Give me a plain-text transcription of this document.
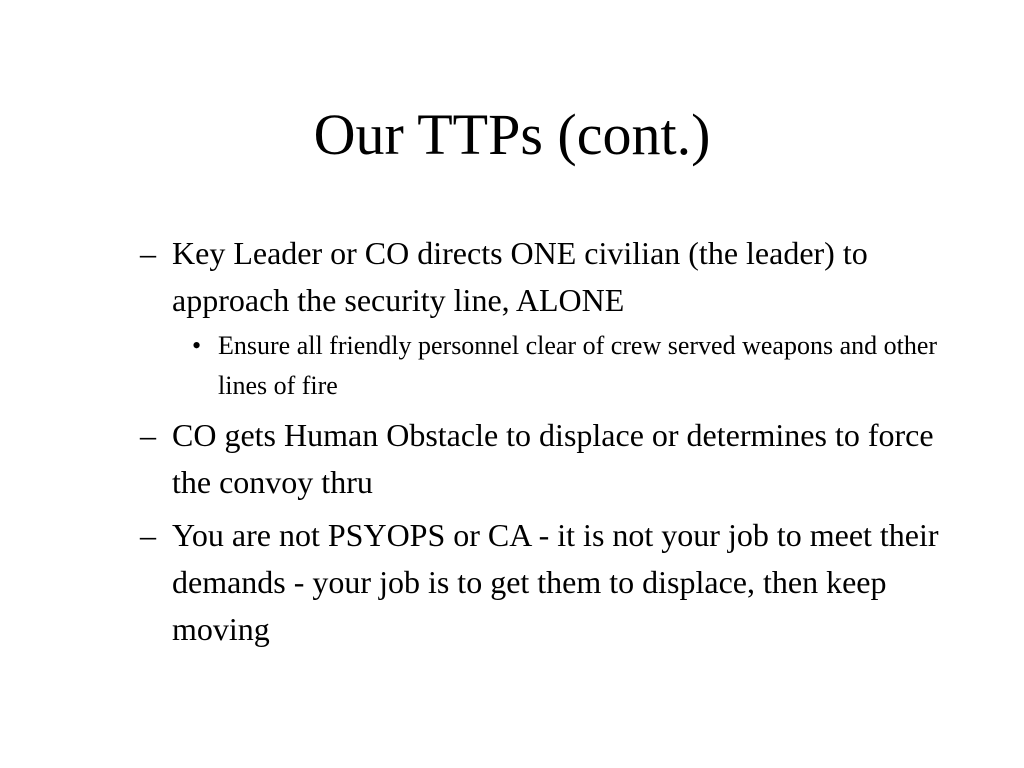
Our TTPs (cont.)
– Key Leader or CO directs ONE civilian (the leader) to approach the security line, ALONE
• Ensure all friendly personnel clear of crew served weapons and other lines of fire
– CO gets Human Obstacle to displace or determines to force the convoy thru
– You are not PSYOPS or CA - it is not your job to meet their demands - your job is to get them to displace, then keep moving
